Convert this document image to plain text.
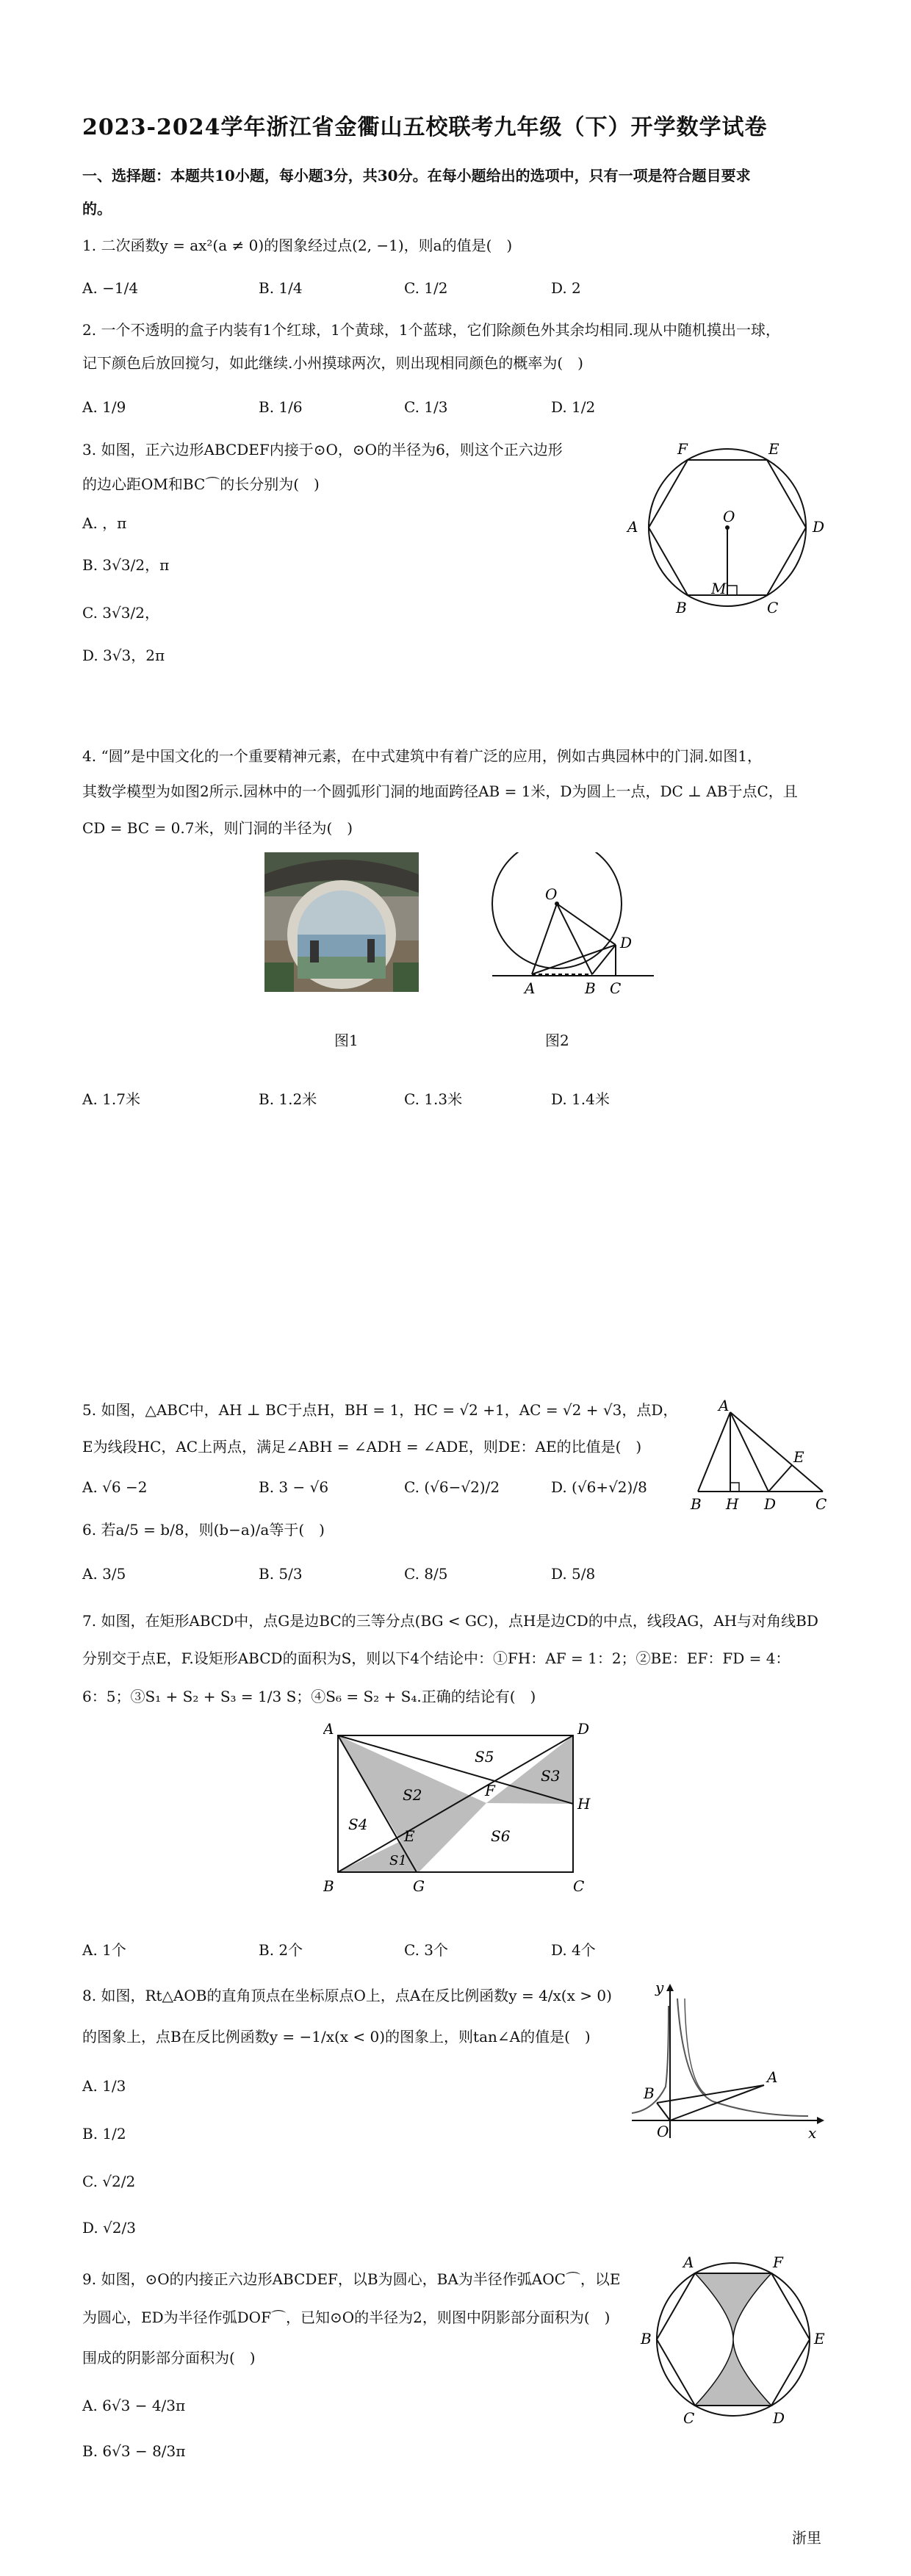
2023-2024学年浙江省金衢山五校联考九年级（下）开学数学试卷
一、选择题：本题共10小题，每小题3分，共30分。在每小题给出的选项中，只有一项是符合题目要求
的。
1. 二次函数y = ax²(a ≠ 0)的图象经过点(2, −1)，则a的值是(　)
A. −1/4	B. 1/4	C. 1/2	D. 2
2. 一个不透明的盒子内装有1个红球，1个黄球，1个蓝球，它们除颜色外其余均相同.现从中随机摸出一球，
记下颜色后放回搅匀，如此继续.小州摸球两次，则出现相同颜色的概率为(　)
A. 1/9	B. 1/6	C. 1/3	D. 1/2
3. 如图，正六边形ABCDEF内接于⊙O，⊙O的半径为6，则这个正六边形
的边心距OM和BC⌒的长分别为(　)
A. ，π
B. 3√3/2，π
C. 3√3/2，
D. 3√3，2π
F	E
A
O
D
M
B	C
4. “圆”是中国文化的一个重要精神元素，在中式建筑中有着广泛的应用，例如古典园林中的门洞.如图1，
其数学模型为如图2所示.园林中的一个圆弧形门洞的地面跨径AB = 1米，D为圆上一点，DC ⊥ AB于点C，且
CD = BC = 0.7米，则门洞的半径为(　)
O
D
A	B C
图1	图2
A. 1.7米	B. 1.2米	C. 1.3米	D. 1.4米
5. 如图，△ABC中，AH ⊥ BC于点H，BH = 1，HC = √2 +1，AC = √2 + √3，点D，
E为线段HC，AC上两点，满足∠ABH = ∠ADH = ∠ADE，则DE：AE的比值是(　)
A. √6 −2	B. 3 − √6	C. (√6−√2)/2	D. (√6+√2)/8
A
E
B H D	C
6. 若a/5 = b/8，则(b−a)/a等于(　)
A. 3/5	B. 5/3	C. 8/5	D. 5/8
7. 如图，在矩形ABCD中，点G是边BC的三等分点(BG < GC)，点H是边CD的中点，线段AG，AH与对角线BD
分别交于点E，F.设矩形ABCD的面积为S，则以下4个结论中：①FH：AF = 1：2；②BE：EF：FD = 4：
6：5；③S₁ + S₂ + S₃ = 1/3 S；④S₆ = S₂ + S₄.正确的结论有(　)
A	D
S5
S3
S2	F
H
S4
E	S6
S1
B	G	C
A. 1个	B. 2个	C. 3个	D. 4个
8. 如图，Rt△AOB的直角顶点在坐标原点O上，点A在反比例函数y = 4/x(x > 0)
的图象上，点B在反比例函数y = −1/x(x < 0)的图象上，则tan∠A的值是(　)
A. 1/3
B. 1/2
C. √2/2
D. √2/3
y
B
A
O	x
9. 如图，⊙O的内接正六边形ABCDEF，以B为圆心，BA为半径作弧AOC⌒，以E
为圆心，ED为半径作弧DOF⌒，已知⊙O的半径为2，则图中阴影部分面积为(　)
围成的阴影部分面积为(　)
A. 6√3 − 4/3π
B. 6√3 − 8/3π
A	F
B	E
C	D
浙里
